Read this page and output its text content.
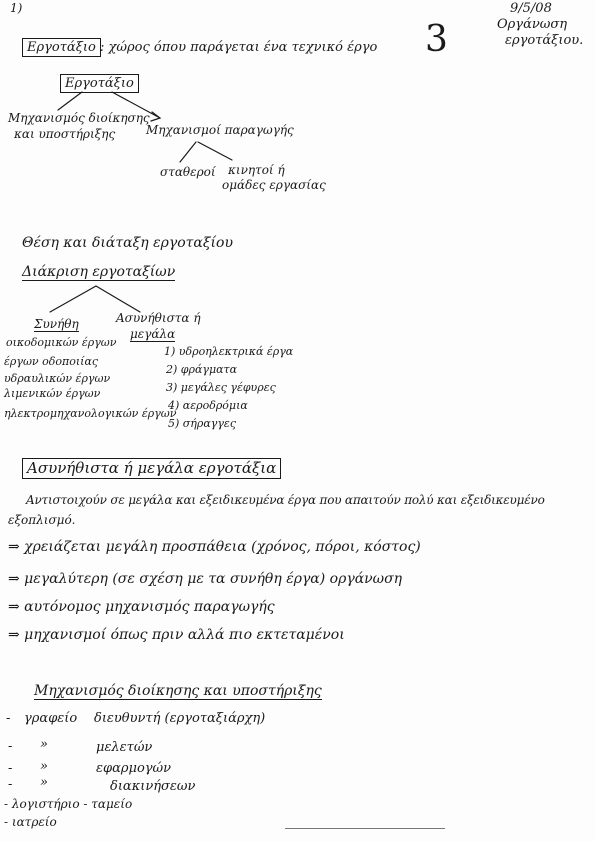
1)	9/5/08
Οργάνωση
εργοτάξιου.
3
Εργοτάξιο : χώρος όπου παράγεται ένα τεχνικό έργο
Εργοτάξιο
Μηχανισμός διοίκησης
και υποστήριξης	Μηχανισμοί παραγωγής
σταθεροί κινητοί ή
ομάδες εργασίας
Θέση και διάταξη εργοταξίου
Διάκριση εργοταξίων
Συνήθη
οικοδομικών έργων
έργων οδοποιίας
υδραυλικών έργων
λιμενικών έργων
ηλεκτρομηχανολογικών έργων
Ασυνήθιστα ή
μεγάλα
1) υδροηλεκτρικά έργα
2) φράγματα
3) μεγάλες γέφυρες
4) αεροδρόμια
5) σήραγγες
Ασυνήθιστα ή μεγάλα εργοτάξια
Αντιστοιχούν σε μεγάλα και εξειδικευμένα έργα που απαιτούν πολύ και εξειδικευμένο
εξοπλισμό.
⇒ χρειάζεται μεγάλη προσπάθεια (χρόνος, πόροι, κόστος)
⇒ μεγαλύτερη (σε σχέση με τα συνήθη έργα) οργάνωση
⇒ αυτόνομος μηχανισμός παραγωγής
⇒ μηχανισμοί όπως πριν αλλά πιο εκτεταμένοι
Μηχανισμός διοίκησης και υποστήριξης
- γραφείο διευθυντή (εργοταξιάρχη)
- »	μελετών
- »	εφαρμογών
- »	διακινήσεων
- λογιστήριο - ταμείο
- ιατρείο
